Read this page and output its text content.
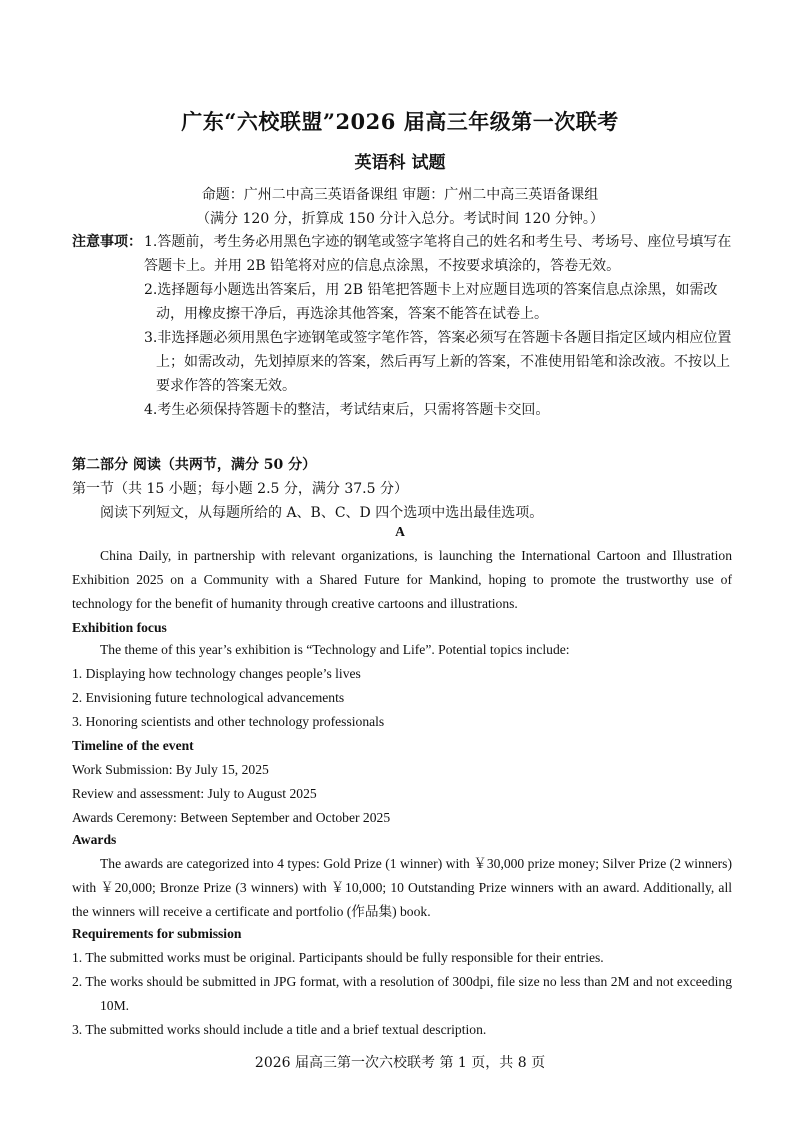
广东“六校联盟”2026 届高三年级第一次联考
英语科 试题
命题：广州二中高三英语备课组 审题：广州二中高三英语备课组
（满分 120 分，折算成 150 分计入总分。考试时间 120 分钟。）
注意事项： 1.答题前，考生务必用黑色字迹的钢笔或签字笔将自己的姓名和考生号、考场号、座位号填写在答题卡上。并用 2B 铅笔将对应的信息点涂黑，不按要求填涂的，答卷无效。
2.选择题每小题选出答案后，用 2B 铅笔把答题卡上对应题目选项的答案信息点涂黑，如需改动，用橡皮擦干净后，再选涂其他答案，答案不能答在试卷上。
3.非选择题必须用黑色字迹钢笔或签字笔作答，答案必须写在答题卡各题目指定区域内相应位置上；如需改动，先划掉原来的答案，然后再写上新的答案，不准使用铅笔和涂改液。不按以上要求作答的答案无效。
4.考生必须保持答题卡的整洁，考试结束后，只需将答题卡交回。
第二部分 阅读（共两节，满分 50 分）
第一节（共 15 小题；每小题 2.5 分，满分 37.5 分）
阅读下列短文，从每题所给的 A、B、C、D 四个选项中选出最佳选项。
A
China Daily, in partnership with relevant organizations, is launching the International Cartoon and Illustration Exhibition 2025 on a Community with a Shared Future for Mankind, hoping to promote the trustworthy use of technology for the benefit of humanity through creative cartoons and illustrations.
Exhibition focus
The theme of this year’s exhibition is “Technology and Life”. Potential topics include:
1. Displaying how technology changes people’s lives
2. Envisioning future technological advancements
3. Honoring scientists and other technology professionals
Timeline of the event
Work Submission: By July 15, 2025
Review and assessment: July to August 2025
Awards Ceremony: Between September and October 2025
Awards
The awards are categorized into 4 types: Gold Prize (1 winner) with ￥30,000 prize money; Silver Prize (2 winners) with ￥20,000; Bronze Prize (3 winners) with ￥10,000; 10 Outstanding Prize winners with an award. Additionally, all the winners will receive a certificate and portfolio (作品集) book.
Requirements for submission
1. The submitted works must be original. Participants should be fully responsible for their entries.
2. The works should be submitted in JPG format, with a resolution of 300dpi, file size no less than 2M and not exceeding 10M.
3. The submitted works should include a title and a brief textual description.
2026 届高三第一次六校联考 第 1 页，共 8 页
